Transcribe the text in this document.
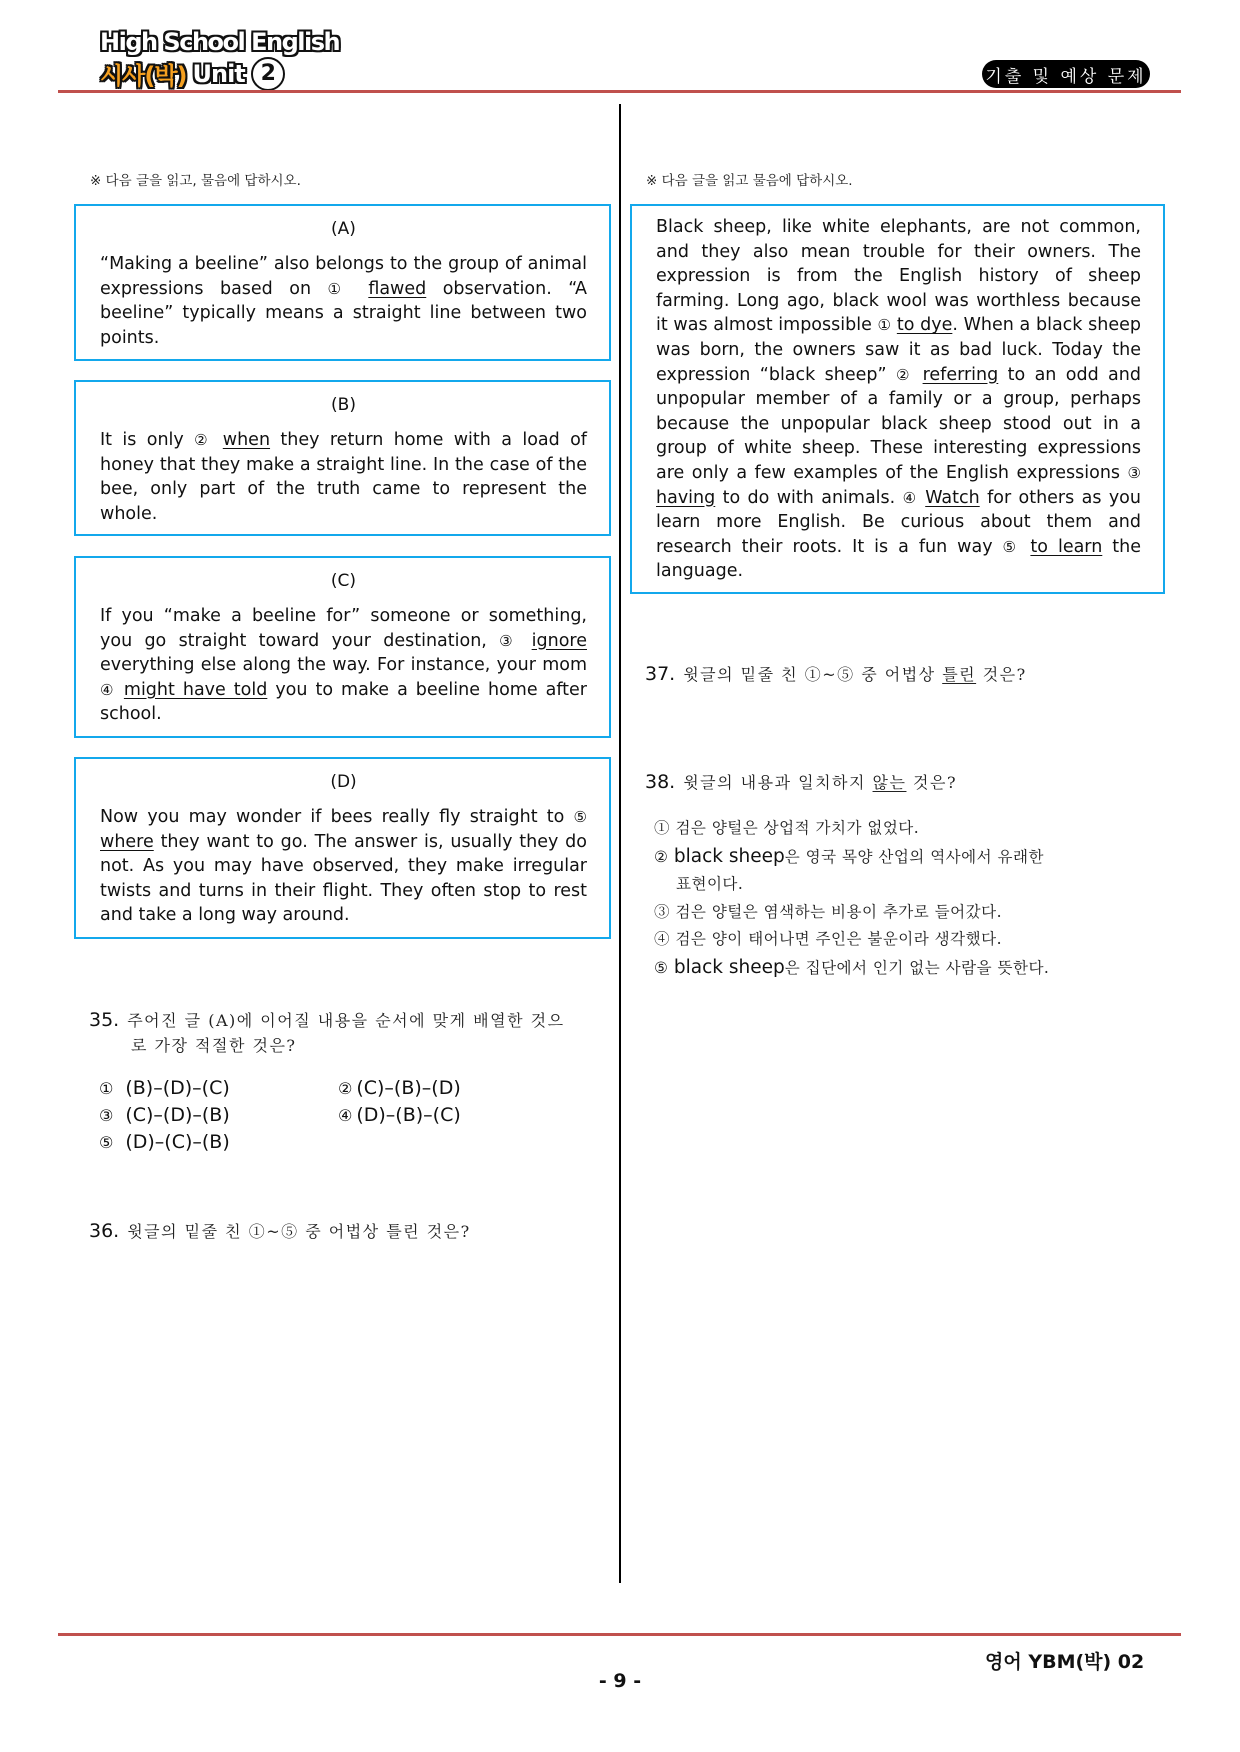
High School English
시사(박) Unit 2	기출 및 예상 문제
※ 다음 글을 읽고, 물음에 답하시오.
(A)
“Making a beeline” also belongs to the group of animal expressions based on ① flawed observation. “A beeline” typically means a straight line between two points.
(B)
It is only ② when they return home with a load of honey that they make a straight line. In the case of the bee, only part of the truth came to represent the whole.
(C)
If you “make a beeline for” someone or something, you go straight toward your destination, ③ ignore everything else along the way. For instance, your mom ④ might have told you to make a beeline home after school.
(D)
Now you may wonder if bees really fly straight to ⑤ where they want to go. The answer is, usually they do not. As you may have observed, they make irregular twists and turns in their flight. They often stop to rest and take a long way around.
35. 주어진 글 (A)에 이어질 내용을 순서에 맞게 배열한 것으
로 가장 적절한 것은?
① (B)–(D)–(C)	② (C)–(B)–(D)
③ (C)–(D)–(B)	④ (D)–(B)–(C)
⑤ (D)–(C)–(B)
36. 윗글의 밑줄 친 ①~⑤ 중 어법상 틀린 것은?
※ 다음 글을 읽고 물음에 답하시오.
Black sheep, like white elephants, are not common, and they also mean trouble for their owners. The expression is from the English history of sheep farming. Long ago, black wool was worthless because it was almost impossible ① to dye. When a black sheep was born, the owners saw it as bad luck. Today the expression “black sheep” ② referring to an odd and unpopular member of a family or a group, perhaps because the unpopular black sheep stood out in a group of white sheep. These interesting expressions are only a few examples of the English expressions ③ having to do with animals. ④ Watch for others as you learn more English. Be curious about them and research their roots. It is a fun way ⑤ to learn the language.
37. 윗글의 밑줄 친 ①~⑤ 중 어법상 틀린 것은?
38. 윗글의 내용과 일치하지 않는 것은?
① 검은 양털은 상업적 가치가 없었다.
② black sheep은 영국 목양 산업의 역사에서 유래한
표현이다.
③ 검은 양털은 염색하는 비용이 추가로 들어갔다.
④ 검은 양이 태어나면 주인은 불운이라 생각했다.
⑤ black sheep은 집단에서 인기 없는 사람을 뜻한다.
영어 YBM(박) 02
- 9 -
